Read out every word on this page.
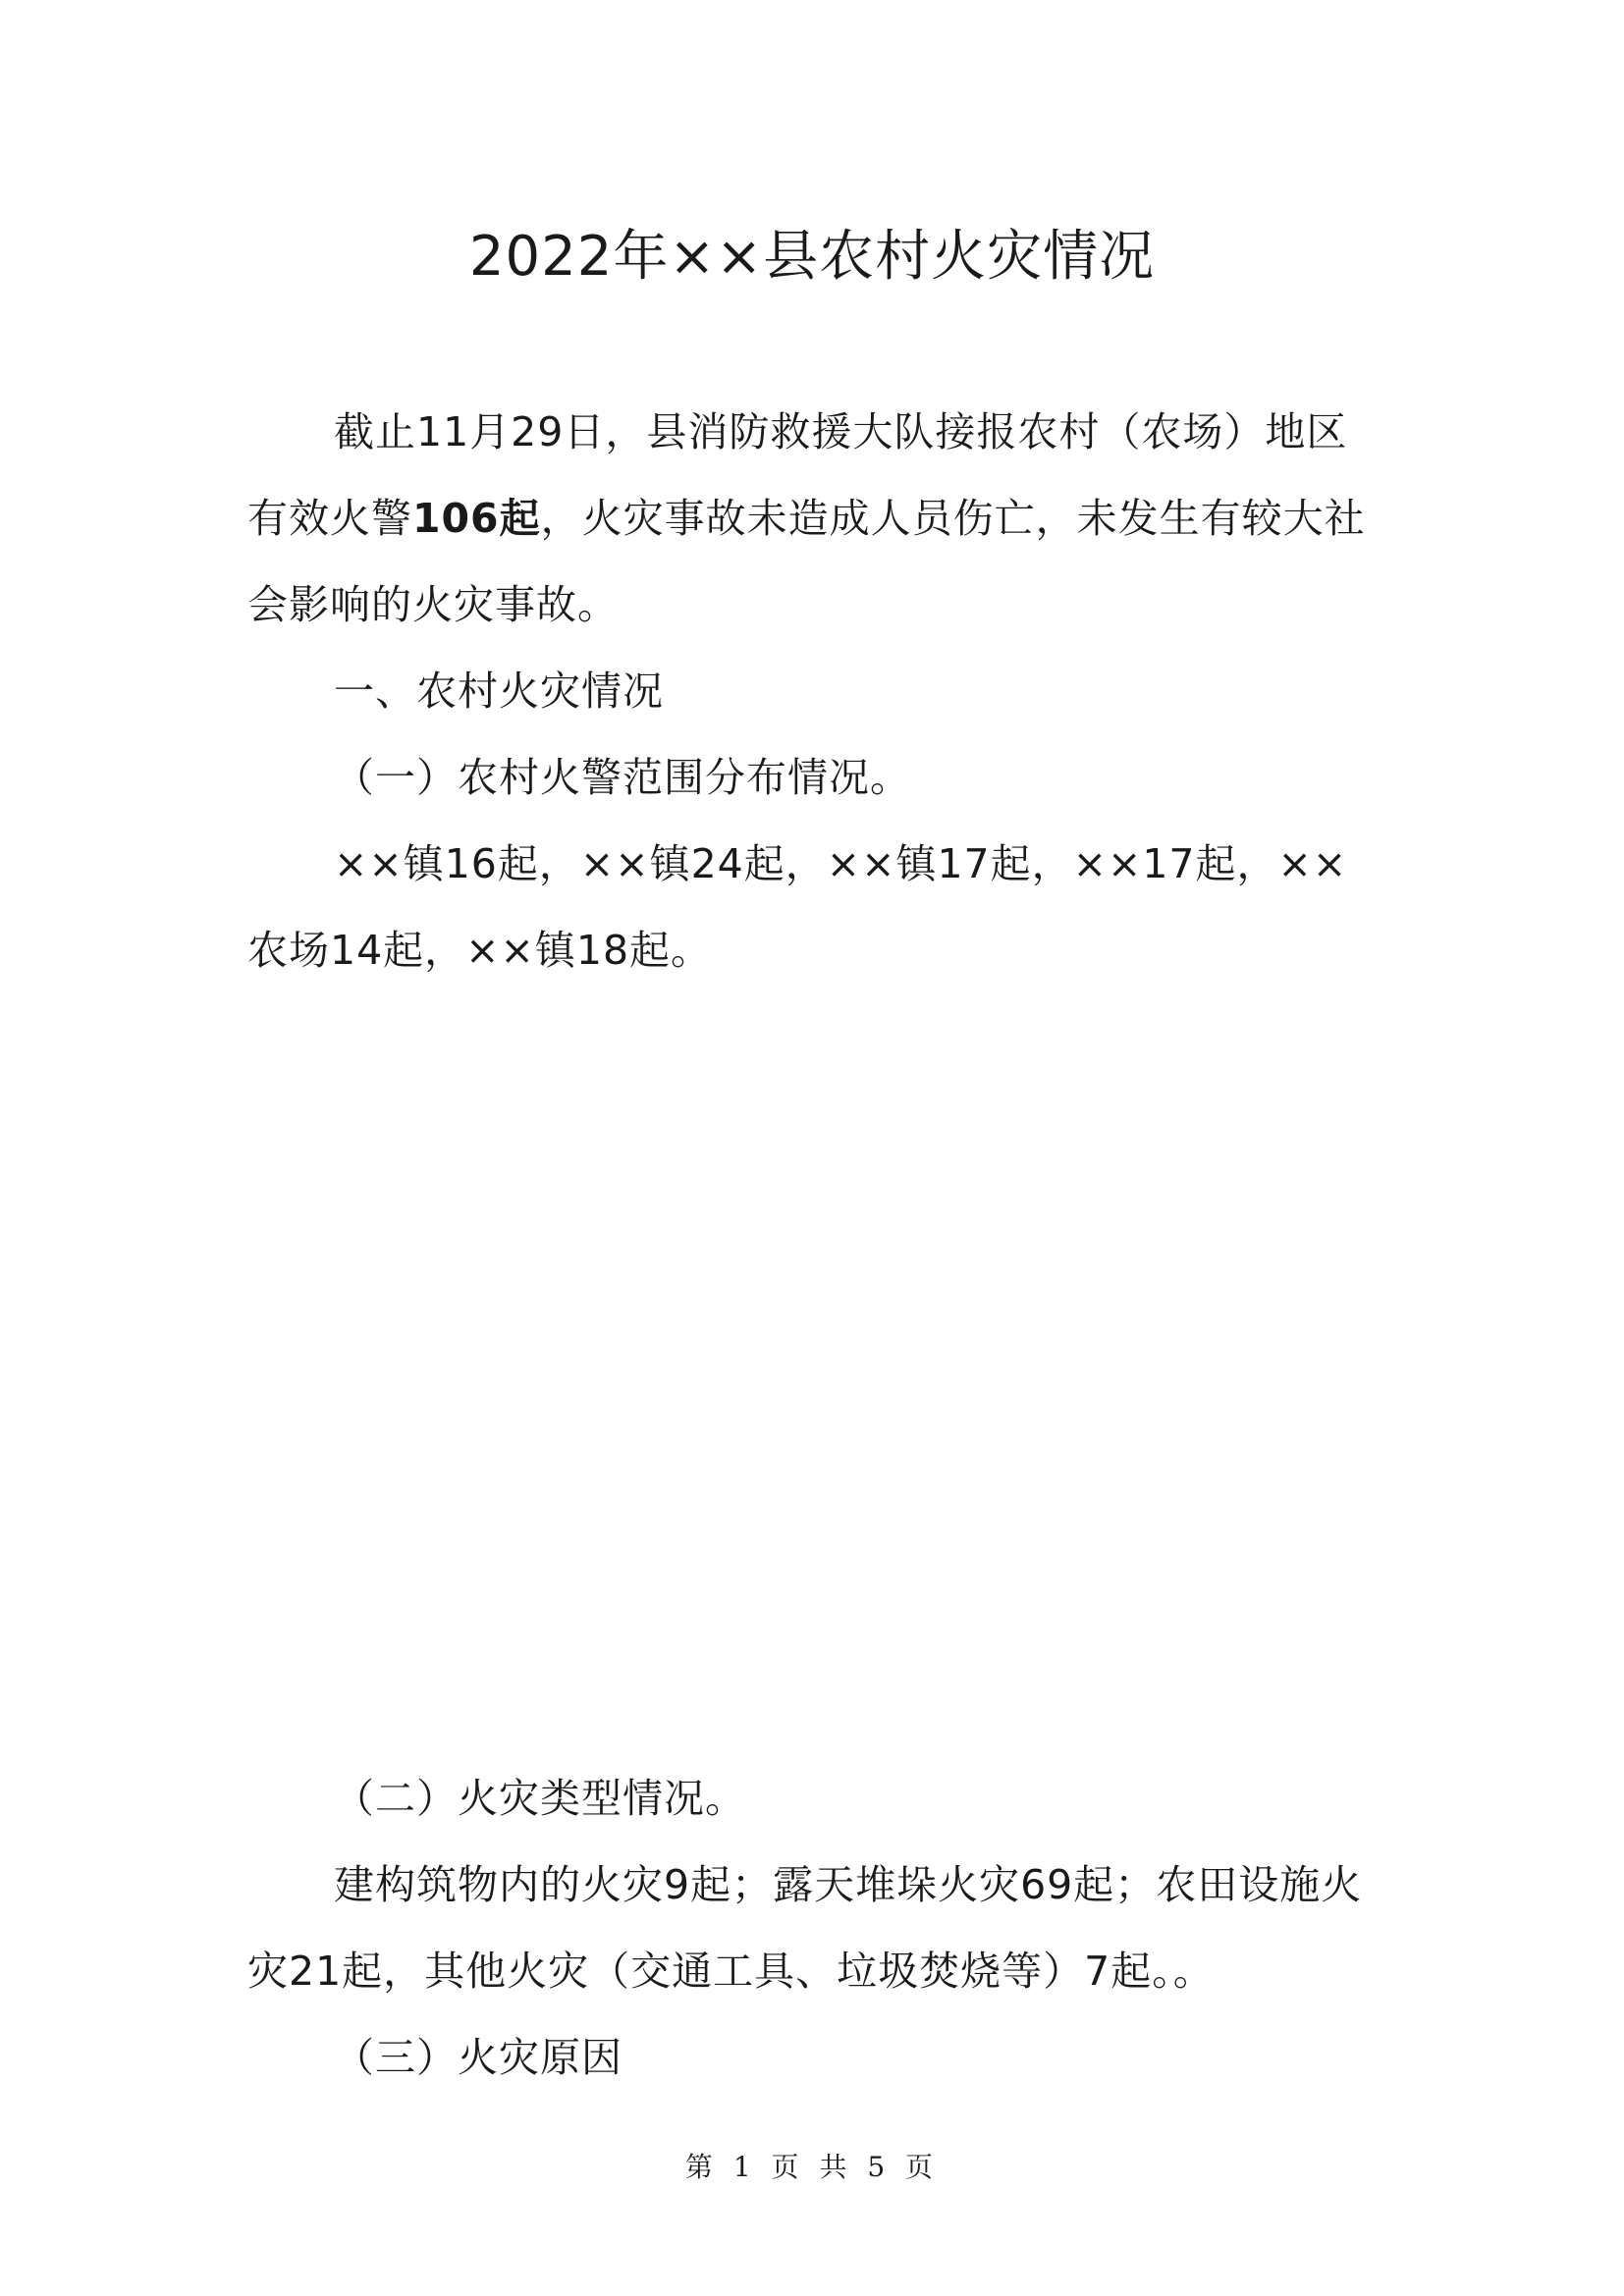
2022年××县农村火灾情况

截止11月29日，县消防救援大队接报农村（农场）地区有效火警106起，火灾事故未造成人员伤亡，未发生有较大社会影响的火灾事故。

一、农村火灾情况

（一）农村火警范围分布情况。

××镇16起，××镇24起，××镇17起，××17起，××农场14起，××镇18起。

（二）火灾类型情况。

建构筑物内的火灾9起；露天堆垛火灾69起；农田设施火灾21起，其他火灾（交通工具、垃圾焚烧等）7起。。

（三）火灾原因

第 1 页 共 5 页
